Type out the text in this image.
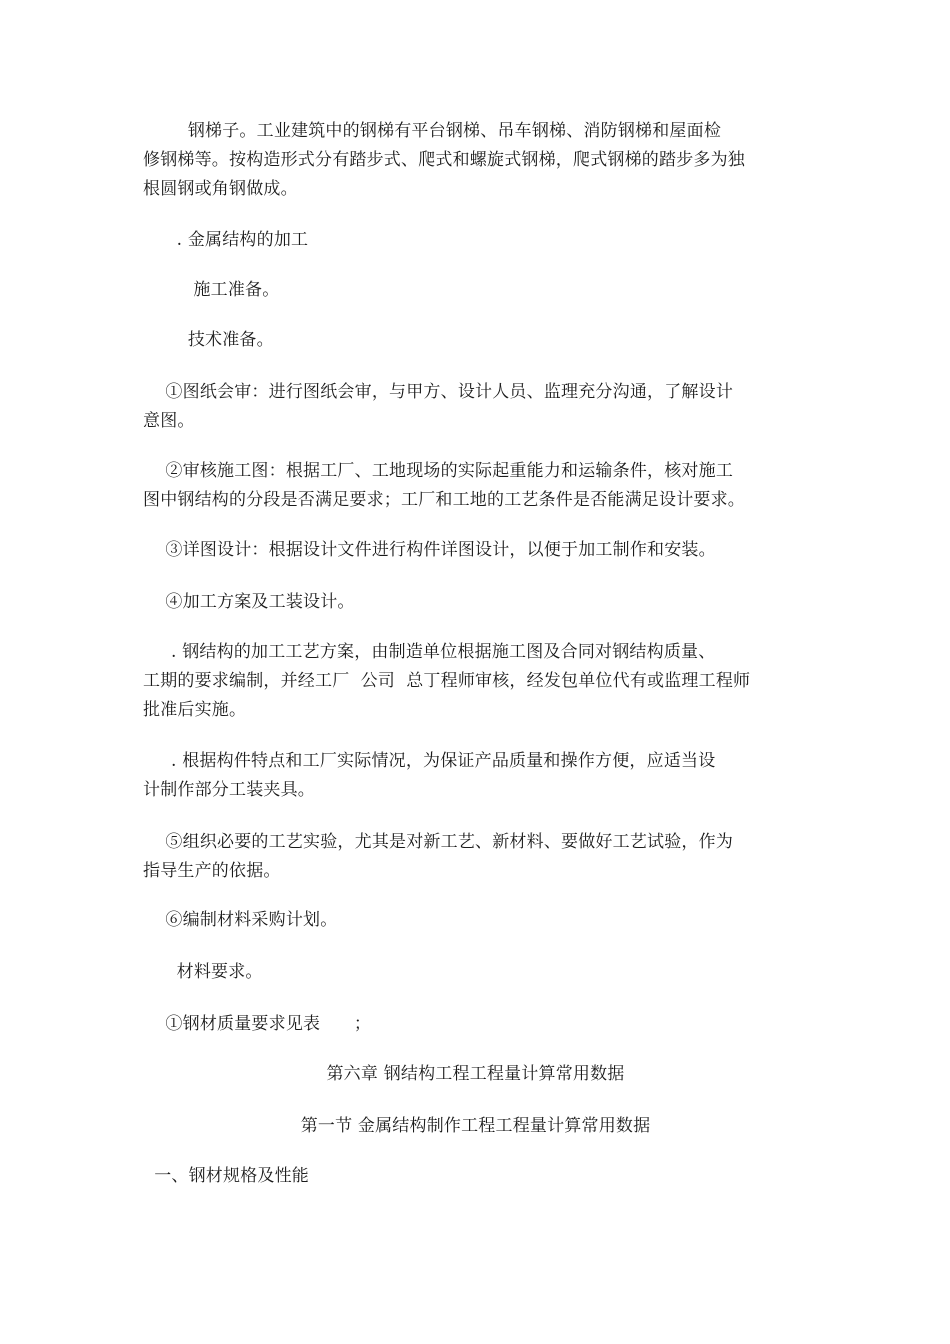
钢梯子。工业建筑中的钢梯有平台钢梯、吊车钢梯、消防钢梯和屋面检
修钢梯等。按构造形式分有踏步式、爬式和螺旋式钢梯，爬式钢梯的踏步多为独
根圆钢或角钢做成。
. 金属结构的加工
施工准备。
技术准备。
①图纸会审：进行图纸会审，与甲方、设计人员、监理充分沟通，了解设计
意图。
②审核施工图：根据工厂、工地现场的实际起重能力和运输条件，核对施工
图中钢结构的分段是否满足要求；工厂和工地的工艺条件是否能满足设计要求。
③详图设计：根据设计文件进行构件详图设计，以便于加工制作和安装。
④加工方案及工装设计。
. 钢结构的加工工艺方案，由制造单位根据施工图及合同对钢结构质量、
工期的要求编制，并经工厂  公司  总丁程师审核，经发包单位代有或监理工程师
批准后实施。
. 根据构件特点和工厂实际情况，为保证产品质量和操作方便，应适当设
计制作部分工装夹具。
⑤组织必要的工艺实验，尤其是对新工艺、新材料、要做好工艺试验，作为
指导生产的依据。
⑥编制材料采购计划。
材料要求。
①钢材质量要求见表      ；
第六章 钢结构工程工程量计算常用数据
第一节 金属结构制作工程工程量计算常用数据
一、钢材规格及性能
